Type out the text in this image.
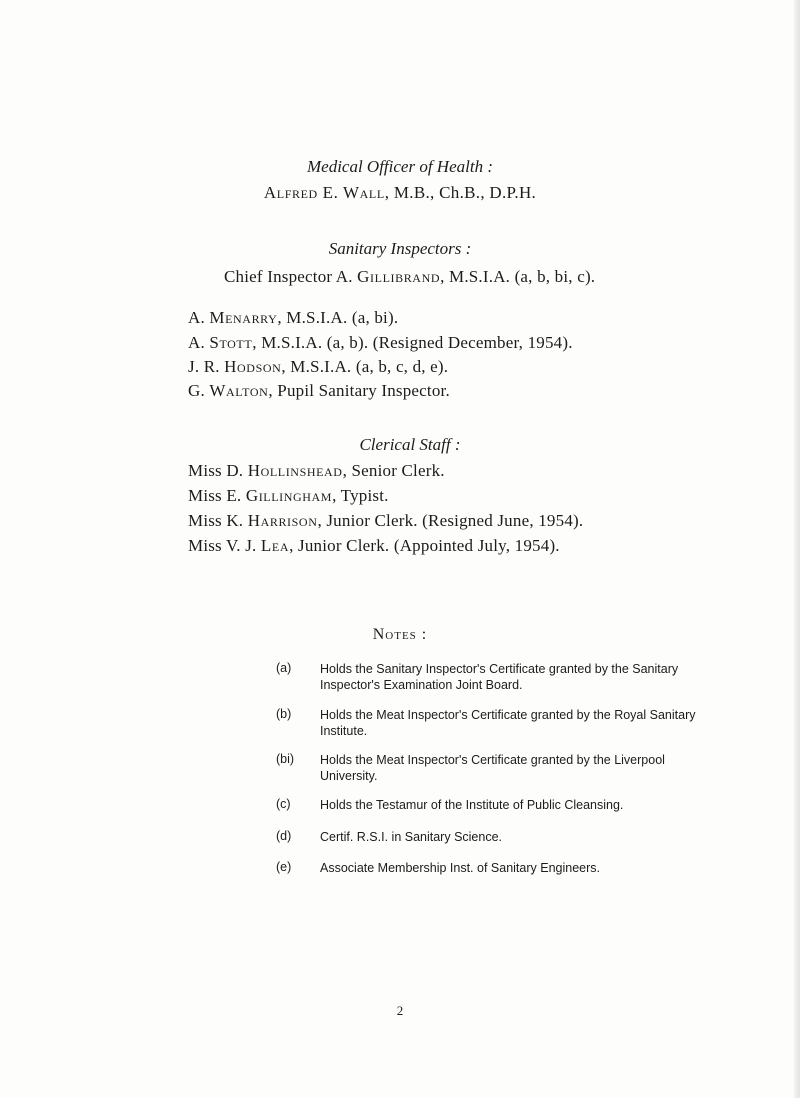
Medical Officer of Health :
Alfred E. Wall, M.B., Ch.B., D.P.H.
Sanitary Inspectors :
Chief Inspector A. Gillibrand, M.S.I.A. (a, b, bi, c).
A. Menarry, M.S.I.A. (a, bi).
A. Stott, M.S.I.A. (a, b). (Resigned December, 1954).
J. R. Hodson, M.S.I.A. (a, b, c, d, e).
G. Walton, Pupil Sanitary Inspector.
Clerical Staff :
Miss D. Hollinshead, Senior Clerk.
Miss E. Gillingham, Typist.
Miss K. Harrison, Junior Clerk. (Resigned June, 1954).
Miss V. J. Lea, Junior Clerk. (Appointed July, 1954).
Notes :
(a) Holds the Sanitary Inspector's Certificate granted by the Sanitary Inspector's Examination Joint Board.
(b) Holds the Meat Inspector's Certificate granted by the Royal Sanitary Institute.
(bi) Holds the Meat Inspector's Certificate granted by the Liverpool University.
(c) Holds the Testamur of the Institute of Public Cleansing.
(d) Certif. R.S.I. in Sanitary Science.
(e) Associate Membership Inst. of Sanitary Engineers.
2
